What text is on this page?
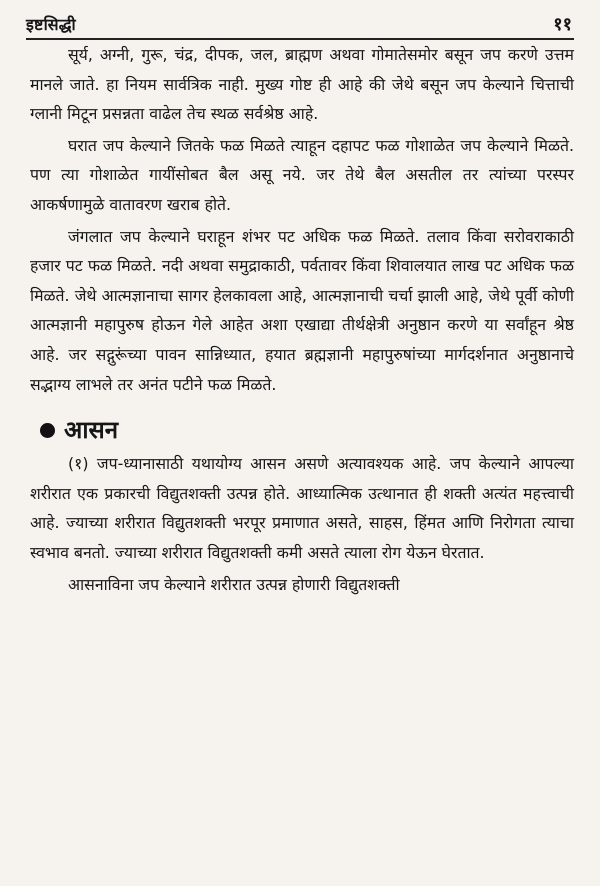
इष्टसिद्धी	११

सूर्य, अग्नी, गुरू, चंद्र, दीपक, जल, ब्राह्मण अथवा गोमातेसमोर बसून जप करणे उत्तम मानले जाते. हा नियम सार्वत्रिक नाही. मुख्य गोष्ट ही आहे की जेथे बसून जप केल्याने चित्ताची ग्लानी मिटून प्रसन्नता वाढेल तेच स्थळ सर्वश्रेष्ठ आहे.

घरात जप केल्याने जितके फळ मिळते त्याहून दहापट फळ गोशाळेत जप केल्याने मिळते. पण त्या गोशाळेत गायींसोबत बैल असू नये. जर तेथे बैल असतील तर त्यांच्या परस्पर आकर्षणामुळे वातावरण खराब होते.

जंगलात जप केल्याने घराहून शंभर पट अधिक फळ मिळते. तलाव किंवा सरोवराकाठी हजार पट फळ मिळते. नदी अथवा समुद्राकाठी, पर्वतावर किंवा शिवालयात लाख पट अधिक फळ मिळते. जेथे आत्मज्ञानाचा सागर हेलकावला आहे, आत्मज्ञानाची चर्चा झाली आहे, जेथे पूर्वी कोणी आत्मज्ञानी महापुरुष होऊन गेले आहेत अशा एखाद्या तीर्थक्षेत्री अनुष्ठान करणे या सर्वांहून श्रेष्ठ आहे. जर सद्गुरूंच्या पावन सान्निध्यात, हयात ब्रह्मज्ञानी महापुरुषांच्या मार्गदर्शनात अनुष्ठानाचे सद्भाग्य लाभले तर अनंत पटीने फळ मिळते.

आसन

(१) जप-ध्यानासाठी यथायोग्य आसन असणे अत्यावश्यक आहे. जप केल्याने आपल्या शरीरात एक प्रकारची विद्युतशक्ती उत्पन्न होते. आध्यात्मिक उत्थानात ही शक्ती अत्यंत महत्त्वाची आहे. ज्याच्या शरीरात विद्युतशक्ती भरपूर प्रमाणात असते, साहस, हिंमत आणि निरोगता त्याचा स्वभाव बनतो. ज्याच्या शरीरात विद्युतशक्ती कमी असते त्याला रोग येऊन घेरतात.

आसनाविना जप केल्याने शरीरात उत्पन्न होणारी विद्युतशक्ती
